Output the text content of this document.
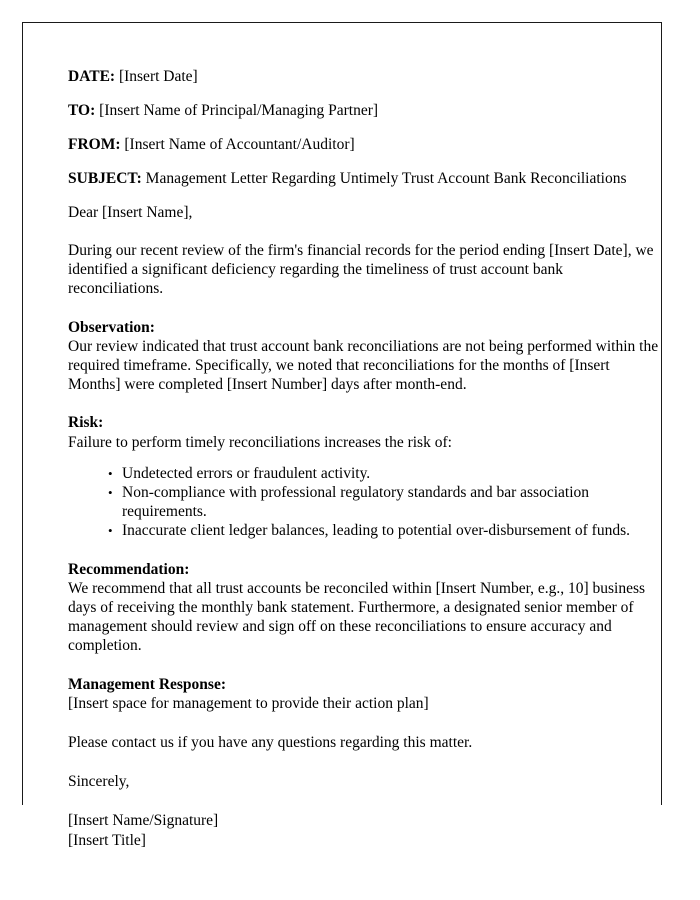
DATE: [Insert Date]

TO: [Insert Name of Principal/Managing Partner]

FROM: [Insert Name of Accountant/Auditor]

SUBJECT: Management Letter Regarding Untimely Trust Account Bank Reconciliations

Dear [Insert Name],

During our recent review of the firm's financial records for the period ending [Insert Date], we identified a significant deficiency regarding the timeliness of trust account bank reconciliations.

Observation:

Our review indicated that trust account bank reconciliations are not being performed within the required timeframe. Specifically, we noted that reconciliations for the months of [Insert Months] were completed [Insert Number] days after month-end.

Risk:

Failure to perform timely reconciliations increases the risk of:

• Undetected errors or fraudulent activity.
• Non-compliance with professional regulatory standards and bar association requirements.
• Inaccurate client ledger balances, leading to potential over-disbursement of funds.

Recommendation:

We recommend that all trust accounts be reconciled within [Insert Number, e.g., 10] business days of receiving the monthly bank statement. Furthermore, a designated senior member of management should review and sign off on these reconciliations to ensure accuracy and completion.

Management Response:

[Insert space for management to provide their action plan]

Please contact us if you have any questions regarding this matter.

Sincerely,

[Insert Name/Signature]
[Insert Title]
